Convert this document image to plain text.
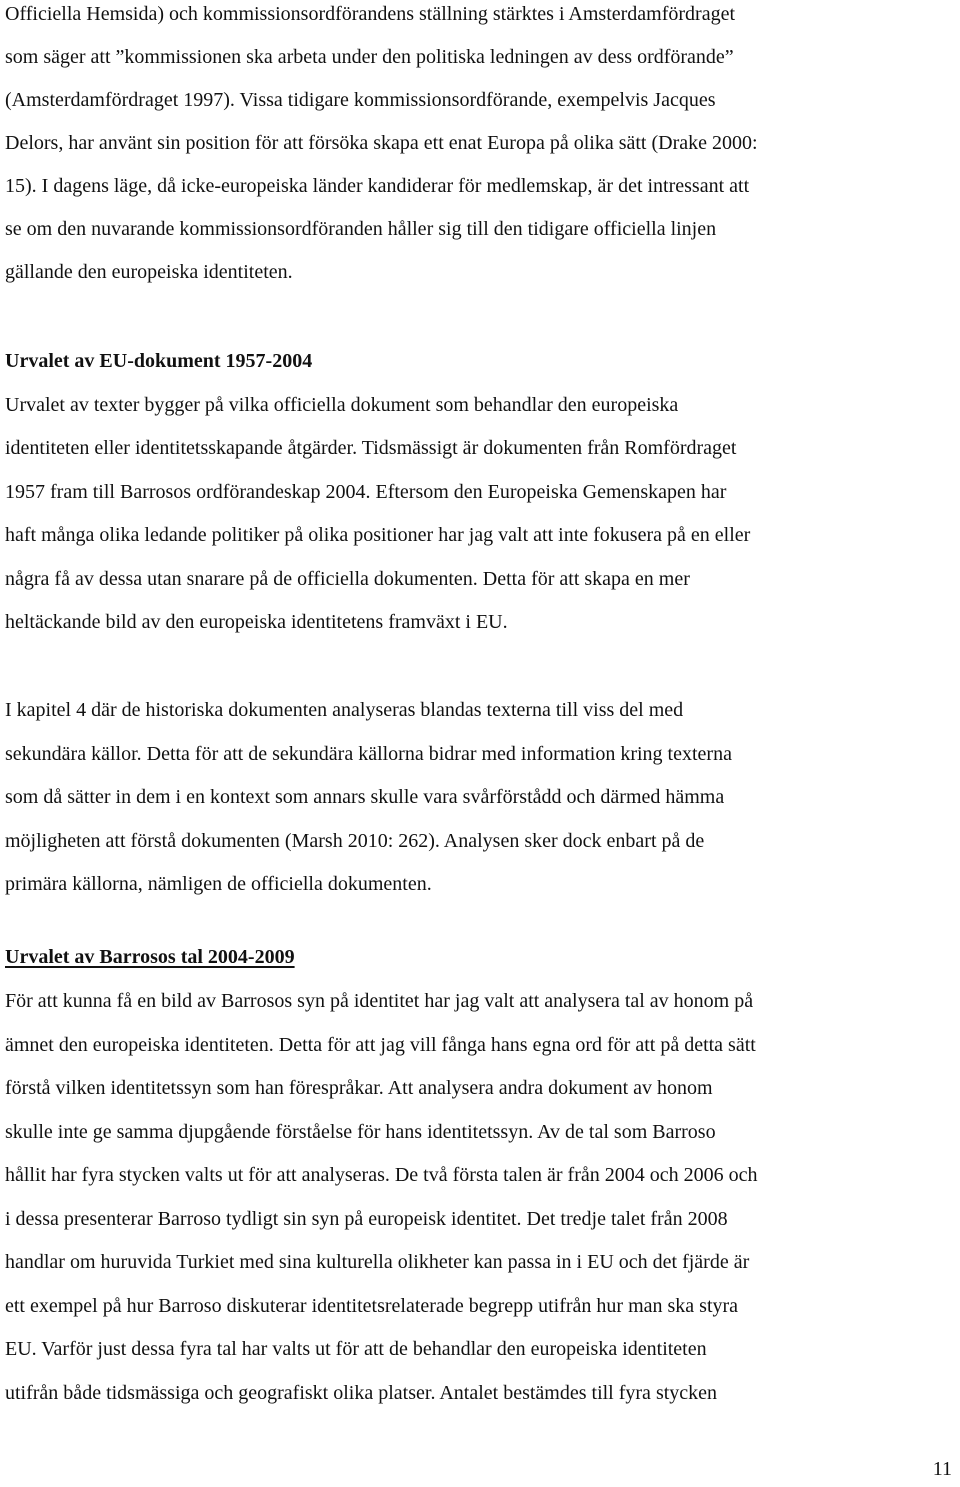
Officiella Hemsida) och kommissionsordförandens ställning stärktes i Amsterdamfördraget
som säger att ”kommissionen ska arbeta under den politiska ledningen av dess ordförande”
(Amsterdamfördraget 1997). Vissa tidigare kommissionsordförande, exempelvis Jacques
Delors, har använt sin position för att försöka skapa ett enat Europa på olika sätt (Drake 2000:
15). I dagens läge, då icke-europeiska länder kandiderar för medlemskap, är det intressant att
se om den nuvarande kommissionsordföranden håller sig till den tidigare officiella linjen
gällande den europeiska identiteten.
Urvalet av EU-dokument 1957-2004
Urvalet av texter bygger på vilka officiella dokument som behandlar den europeiska
identiteten eller identitetsskapande åtgärder. Tidsmässigt är dokumenten från Romfördraget
1957 fram till Barrosos ordförandeskap 2004. Eftersom den Europeiska Gemenskapen har
haft många olika ledande politiker på olika positioner har jag valt att inte fokusera på en eller
några få av dessa utan snarare på de officiella dokumenten. Detta för att skapa en mer
heltäckande bild av den europeiska identitetens framväxt i EU.
I kapitel 4 där de historiska dokumenten analyseras blandas texterna till viss del med
sekundära källor. Detta för att de sekundära källorna bidrar med information kring texterna
som då sätter in dem i en kontext som annars skulle vara svårförstådd och därmed hämma
möjligheten att förstå dokumenten (Marsh 2010: 262). Analysen sker dock enbart på de
primära källorna, nämligen de officiella dokumenten.
Urvalet av Barrosos tal 2004-2009
För att kunna få en bild av Barrosos syn på identitet har jag valt att analysera tal av honom på
ämnet den europeiska identiteten. Detta för att jag vill fånga hans egna ord för att på detta sätt
förstå vilken identitetssyn som han förespråkar. Att analysera andra dokument av honom
skulle inte ge samma djupgående förståelse för hans identitetssyn. Av de tal som Barroso
hållit har fyra stycken valts ut för att analyseras. De två första talen är från 2004 och 2006 och
i dessa presenterar Barroso tydligt sin syn på europeisk identitet. Det tredje talet från 2008
handlar om huruvida Turkiet med sina kulturella olikheter kan passa in i EU och det fjärde är
ett exempel på hur Barroso diskuterar identitetsrelaterade begrepp utifrån hur man ska styra
EU. Varför just dessa fyra tal har valts ut för att de behandlar den europeiska identiteten
utifrån både tidsmässiga och geografiskt olika platser. Antalet bestämdes till fyra stycken
11
